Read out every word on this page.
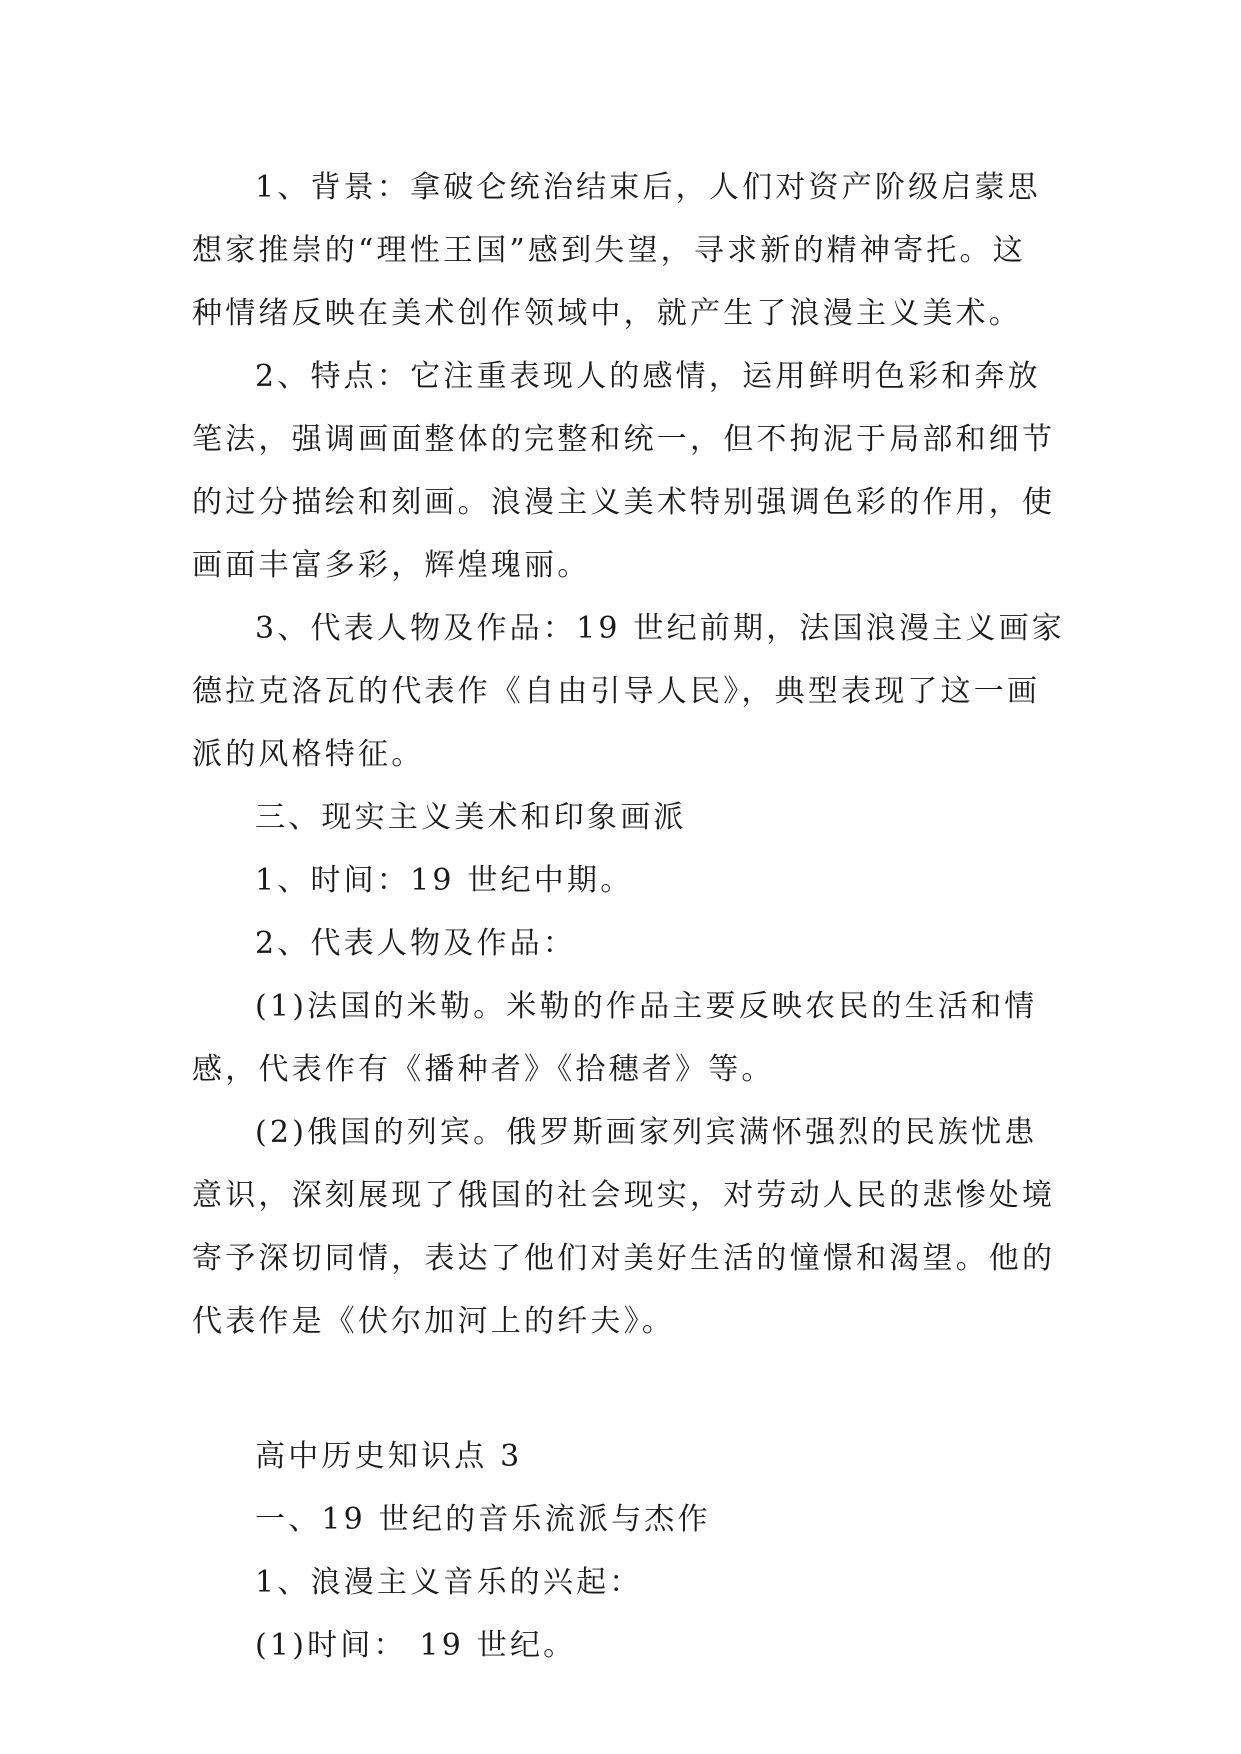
1、背景：拿破仑统治结束后，人们对资产阶级启蒙思
想家推崇的“理性王国”感到失望，寻求新的精神寄托。这
种情绪反映在美术创作领域中，就产生了浪漫主义美术。
2、特点：它注重表现人的感情，运用鲜明色彩和奔放
笔法，强调画面整体的完整和统一，但不拘泥于局部和细节
的过分描绘和刻画。浪漫主义美术特别强调色彩的作用，使
画面丰富多彩，辉煌瑰丽。
3、代表人物及作品：19 世纪前期，法国浪漫主义画家
德拉克洛瓦的代表作《自由引导人民》，典型表现了这一画
派的风格特征。
三、现实主义美术和印象画派
1、时间：19 世纪中期。
2、代表人物及作品：
(1)法国的米勒。米勒的作品主要反映农民的生活和情
感，代表作有《播种者》《拾穗者》等。
(2)俄国的列宾。俄罗斯画家列宾满怀强烈的民族忧患
意识，深刻展现了俄国的社会现实，对劳动人民的悲惨处境
寄予深切同情，表达了他们对美好生活的憧憬和渴望。他的
代表作是《伏尔加河上的纤夫》。
高中历史知识点 3
一、19 世纪的音乐流派与杰作
1、浪漫主义音乐的兴起：
(1)时间： 19 世纪。
